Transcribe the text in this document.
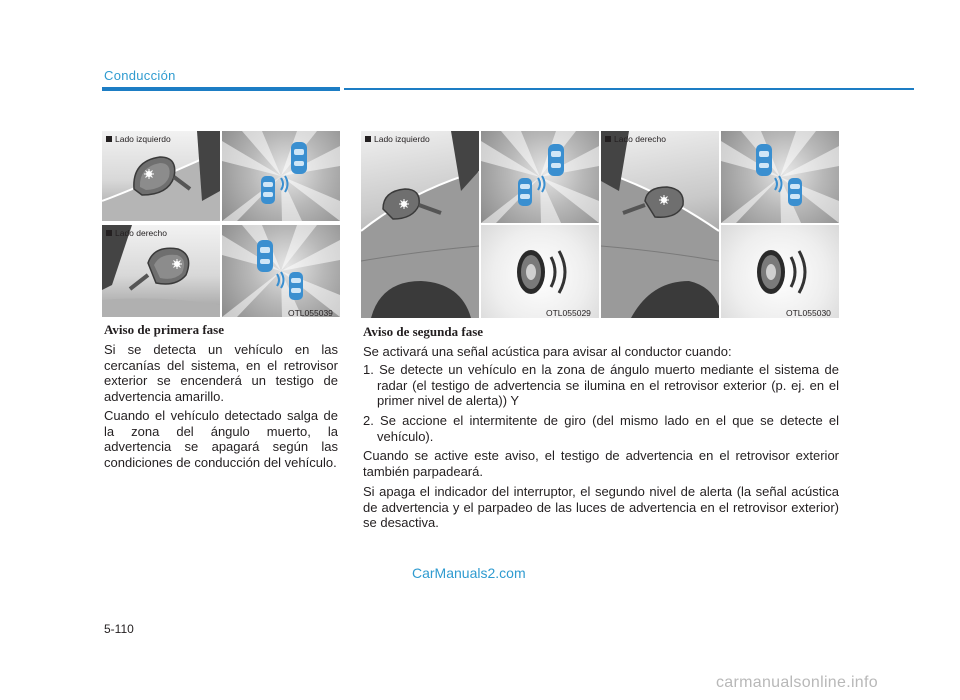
Conducción
Lado izquierdo
Lado derecho
OTL055039
Lado izquierdo
OTL055029
Lado derecho
OTL055030
Aviso de primera fase

Si se detecta un vehículo en las cercanías del sistema, en el retrovisor exterior se encenderá un testigo de advertencia amarillo.

Cuando el vehículo detectado salga de la zona del ángulo muerto, la advertencia se apagará según las condiciones de conducción del vehículo.

Aviso de segunda fase

Se activará una señal acústica para avisar al conductor cuando:

1. Se detecte un vehículo en la zona de ángulo muerto mediante el sistema de radar (el testigo de advertencia se ilumina en el retrovisor exterior (p. ej. en el primer nivel de alerta)) Y

2. Se accione el intermitente de giro (del mismo lado en el que se detecte el vehículo).

Cuando se active este aviso, el testigo de advertencia en el retrovisor exterior también parpadeará.

Si apaga el indicador del interruptor, el segundo nivel de alerta (la señal acústica de advertencia y el parpadeo de las luces de advertencia en el retrovisor exterior) se desactiva.

CarManuals2.com
5-110
carmanualsonline.info
